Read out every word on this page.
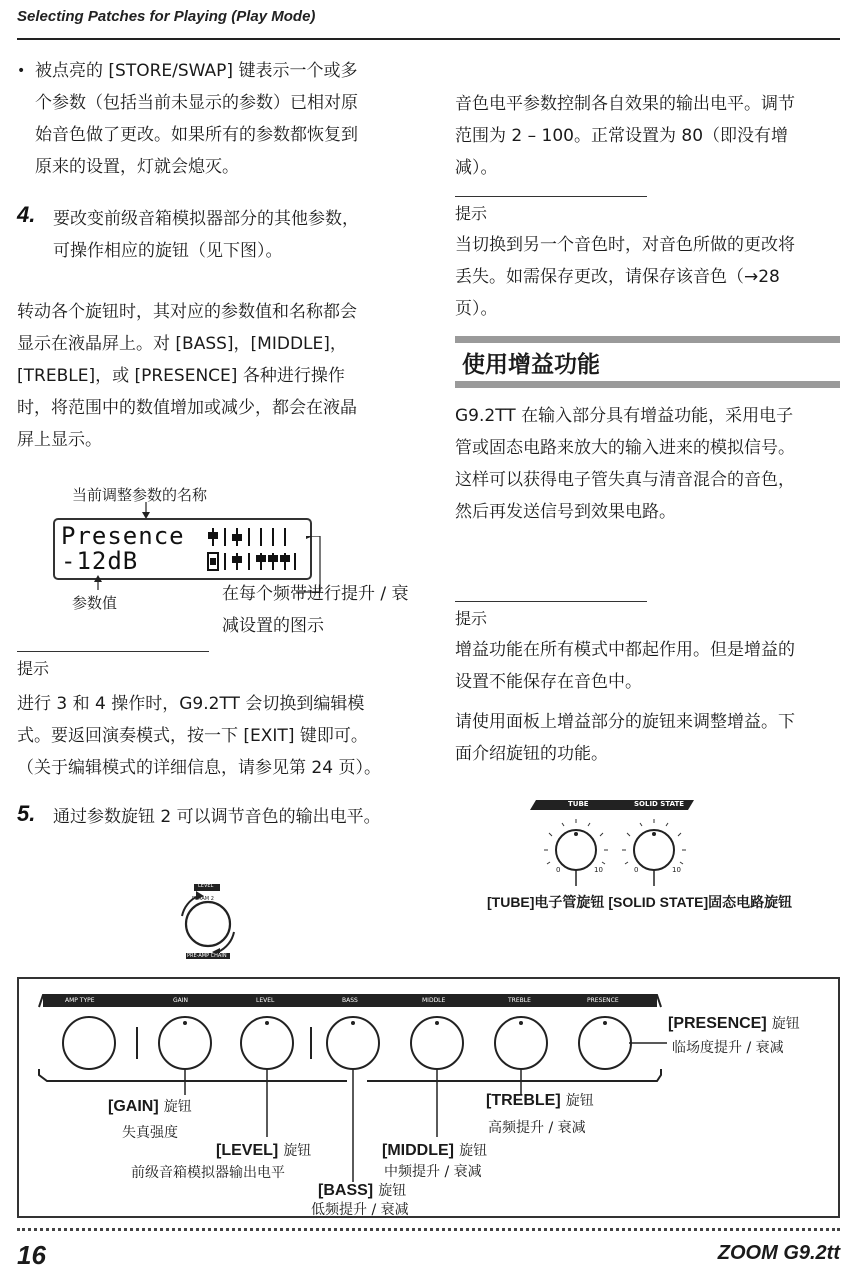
Selecting Patches for Playing (Play Mode)
• 被点亮的 [STORE/SWAP] 键表示一个或多

个参数（包括当前未显示的参数）已相对原

始音色做了更改。如果所有的参数都恢复到

原来的设置，灯就会熄灭。

4. 要改变前级音箱模拟器部分的其他参数，

可操作相应的旋钮（见下图）。

转动各个旋钮时，其对应的参数值和名称都会

显示在液晶屏上。对 [BASS]，[MIDDLE]，

[TREBLE]，或 [PRESENCE] 各种进行操作

时，将范围中的数值增加或减少，都会在液晶

屏上显示。

当前调整参数的名称
Presence
-12dB
参数值	在每个频带进行提升 / 衰

减设置的图示

提示

进行 3 和 4 操作时，G9.2TT 会切换到编辑模

式。要返回演奏模式，按一下 [EXIT] 键即可。

（关于编辑模式的详细信息，请参见第 24 页）。

5. 通过参数旋钮 2 可以调节音色的输出电平。
LEVEL
PARAM 2
PRE-AMP CHAIN

音色电平参数控制各自效果的输出电平。调节

范围为 2 – 100。正常设置为 80（即没有增

减）。

提示

当切换到另一个音色时，对音色所做的更改将

丢失。如需保存更改，请保存该音色（→28

页）。

使用增益功能

G9.2TT 在输入部分具有增益功能，采用电子

管或固态电路来放大的输入进来的模拟信号。

这样可以获得电子管失真与清音混合的音色，

然后再发送信号到效果电路。

提示

增益功能在所有模式中都起作用。但是增益的

设置不能保存在音色中。

请使用面板上增益部分的旋钮来调整增益。下

面介绍旋钮的功能。

TUBE	SOLID STATE
0	10	0	10
[TUBE]电子管旋钮 [SOLID STATE]固态电路旋钮
AMP TYPE	GAIN	LEVEL	BASS	MIDDLE	TREBLE	PRESENCE
[PRESENCE] 旋钮
临场度提升 / 衰减
[GAIN] 旋钮
失真强度
[TREBLE] 旋钮
高频提升 / 衰减
[LEVEL] 旋钮
前级音箱模拟器输出电平
[MIDDLE] 旋钮
中频提升 / 衰减
[BASS] 旋钮
低频提升 / 衰减
16	ZOOM G9.2tt
